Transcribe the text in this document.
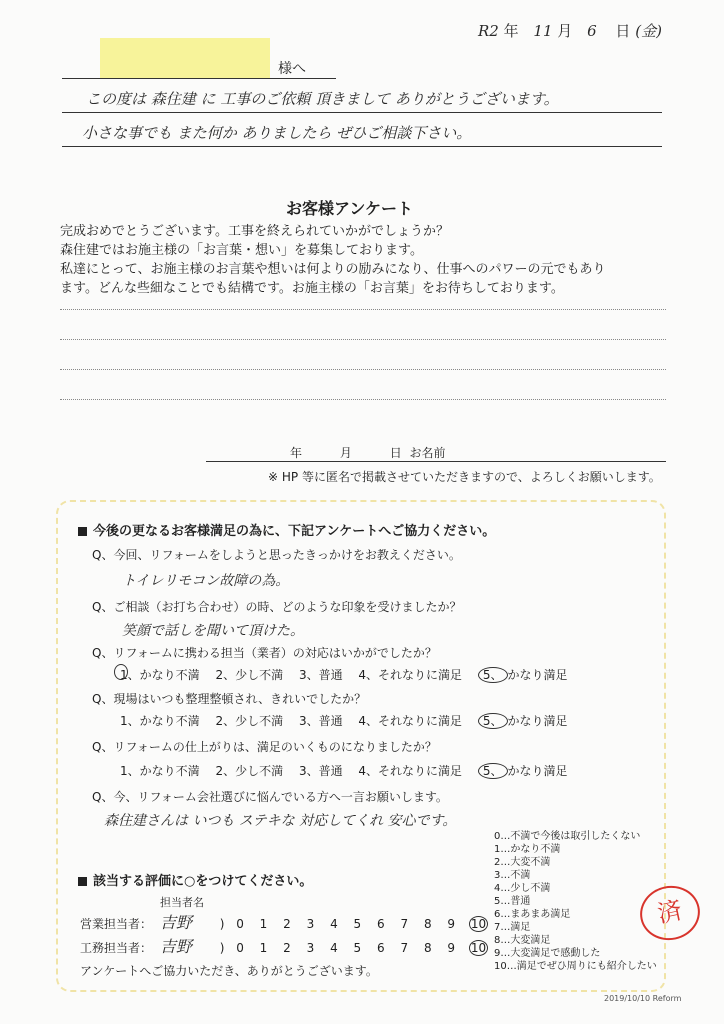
R2 年 11 月 6 日 (金)
様へ
この度は 森住建 に 工事のご依頼 頂きまして ありがとうございます。
小さな事でも また何か ありましたら ぜひご相談下さい。
お客様アンケート
完成おめでとうございます。工事を終えられていかがでしょうか？
森住建ではお施主様の「お言葉・想い」を募集しております。
私達にとって、お施主様のお言葉や想いは何よりの励みになり、仕事へのパワーの元でもあり
ます。どんな些細なことでも結構です。お施主様の「お言葉」をお待ちしております。
年	月	日 お名前
※ HP 等に匿名で掲載させていただきますので、よろしくお願いします。
今後の更なるお客様満足の為に、下記アンケートへご協力ください。
Q、今回、リフォームをしようと思ったきっかけをお教えください。
トイレリモコン故障の為。
Q、ご相談（お打ち合わせ）の時、どのような印象を受けましたか？
笑顔で話しを聞いて頂けた。
Q、リフォームに携わる担当（業者）の対応はいかがでしたか？
1、かなり不満 2、少し不満 3、普通 4、それなりに満足 5、 かなり満足
Q、現場はいつも整理整頓され、きれいでしたか？
1、かなり不満 2、少し不満 3、普通 4、それなりに満足 5、 かなり満足
Q、リフォームの仕上がりは、満足のいくものになりましたか？
1、かなり不満 2、少し不満 3、普通 4、それなりに満足 5、 かなり満足
Q、今、リフォーム会社選びに悩んでいる方へ一言お願いします。
森住建さんは いつも ステキな 対応してくれ 安心です。
0…不満で今後は取引したくない
1…かなり不満
2…大変不満
3…不満
4…少し不満
5…普通
6…まあまあ満足
7…満足
8…大変満足
9…大変満足で感動した
10…満足でぜひ周りにも紹介したい
該当する評価に○をつけてください。
担当者名
営業担当者： 吉野 ) 0 1 2 3 4 5 6 7 8 9 10
工務担当者： 吉野 ) 0 1 2 3 4 5 6 7 8 9 10
アンケートへご協力いただき、ありがとうございます。
済
2019/10/10 Reform
